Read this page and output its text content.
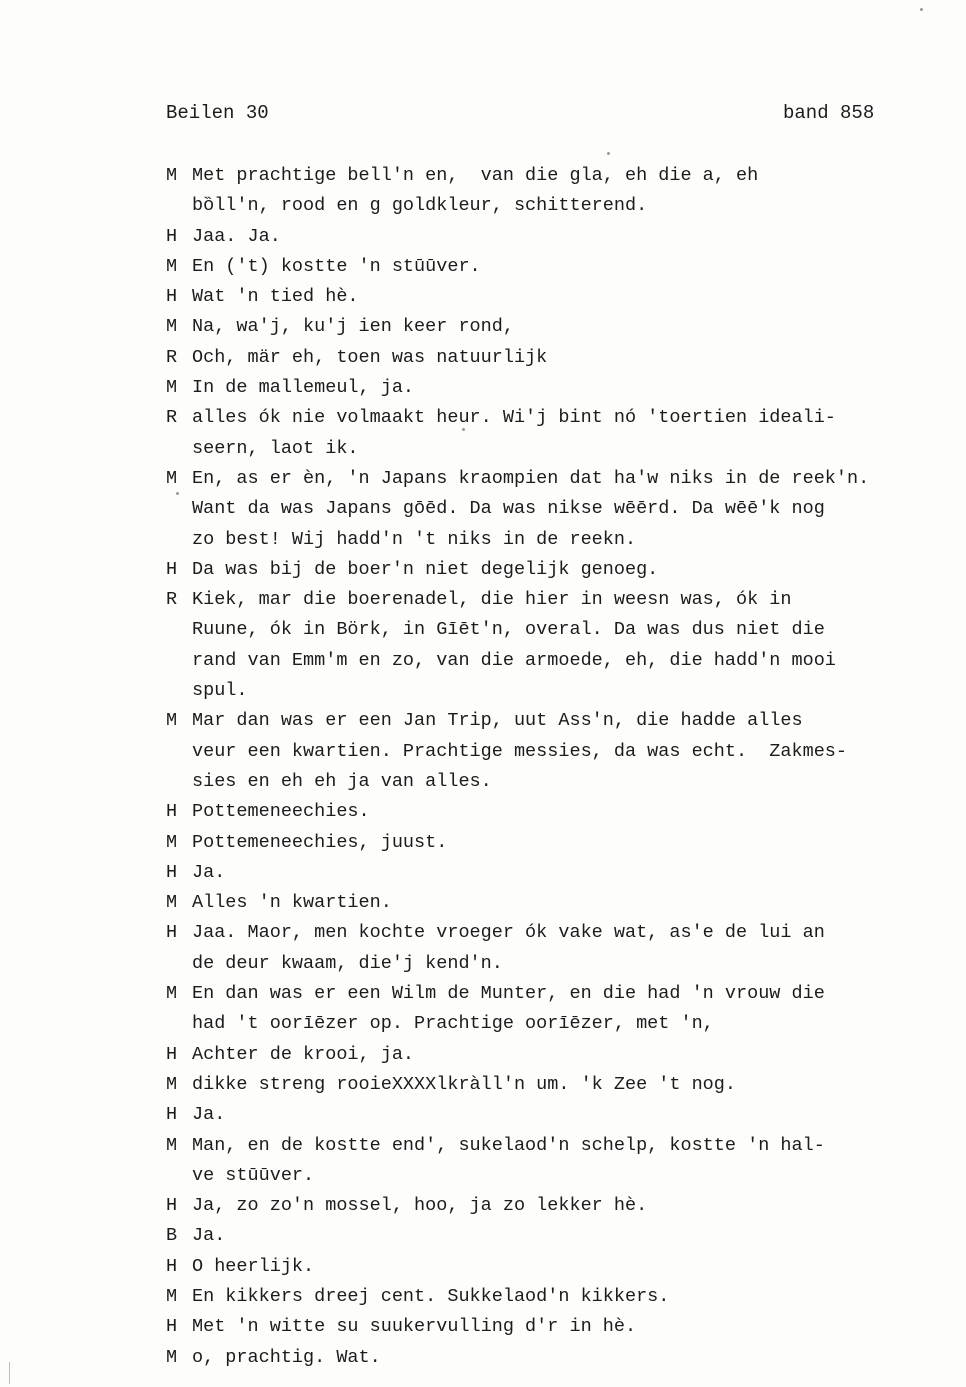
Beilen 30	band 858
M Met prachtige bell'n en,  van die gla, eh die a, eh
bȍll'n, rood en g goldkleur, schitterend.
H Jaa. Ja.
M En ('t) kostte 'n stūūver.
H Wat 'n tied hè.
M Na, wa'j, ku'j ien keer rond,
R Och, mär eh, toen was natuurlijk
M In de mallemeul, ja.
R alles ók nie volmaakt heur. Wi'j bint nó 'toertien ideali-
seern, laot ik.
M En, as er èn, 'n Japans kraompien dat ha'w niks in de reek'n.
Want da was Japans gōēd. Da was nikse wēērd. Da wēē'k nog
zo best! Wij hadd'n 't niks in de reekn.
H Da was bij de boer'n niet degelijk genoeg.
R Kiek, mar die boerenadel, die hier in weesn was, ók in
Ruune, ók in Börk, in Gīēt'n, overal. Da was dus niet die
rand van Emm'm en zo, van die armoede, eh, die hadd'n mooi
spul.
M Mar dan was er een Jan Trip, uut Ass'n, die hadde alles
veur een kwartien. Prachtige messies, da was echt.  Zakmes-
sies en eh eh ja van alles.
H Pottemeneechies.
M Pottemeneechies, juust.
H Ja.
M Alles 'n kwartien.
H Jaa. Maor, men kochte vroeger ók vake wat, as'e de lui an
de deur kwaam, die'j kend'n.
M En dan was er een Wilm de Munter, en die had 'n vrouw die
had 't oorīēzer op. Prachtige oorīēzer, met 'n,
H Achter de krooi, ja.
M dikke streng rooieXXXXlkràll'n um. 'k Zee 't nog.
H Ja.
M Man, en de kostte end', sukelaod'n schelp, kostte 'n hal-
ve stūūver.
H Ja, zo zo'n mossel, hoo, ja zo lekker hè.
B Ja.
H O heerlijk.
M En kikkers dreej cent. Sukkelaod'n kikkers.
H Met 'n witte su suukervulling d'r in hè.
M o, prachtig. Wat.
